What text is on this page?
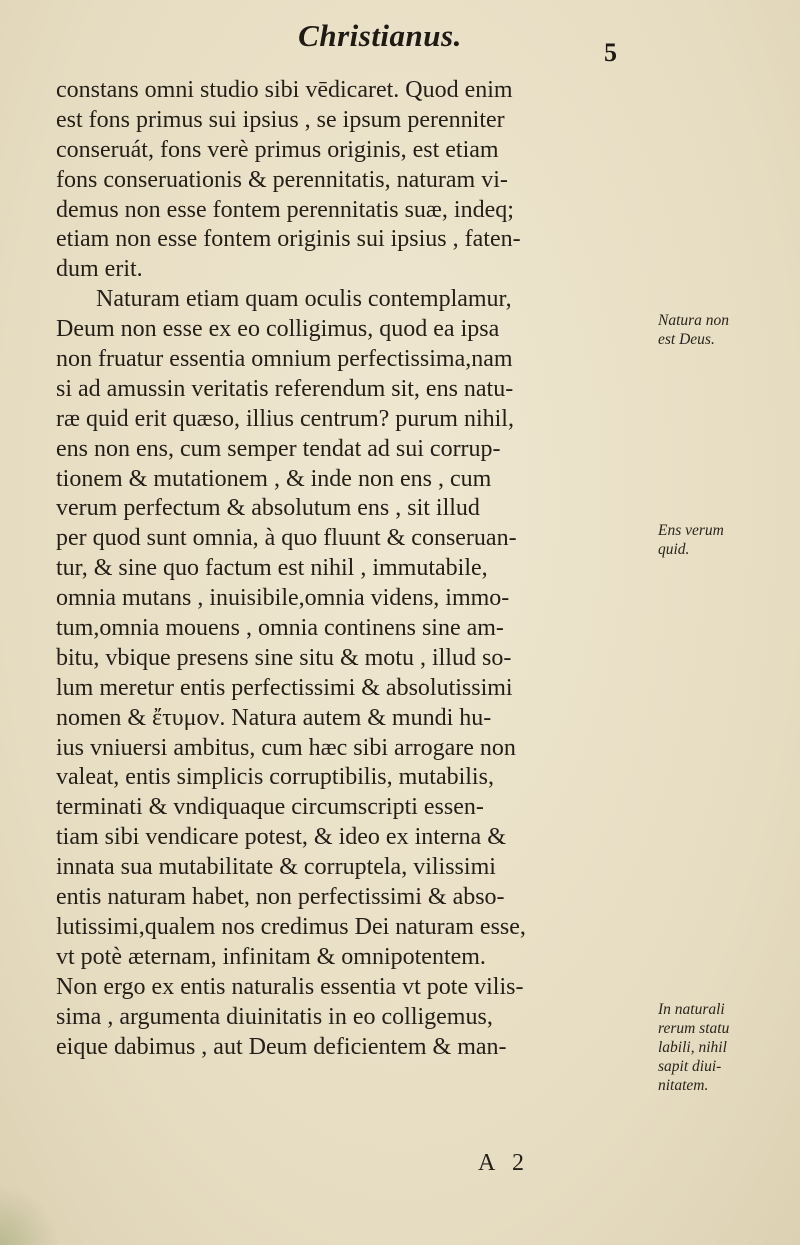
Christianus.	5
constans omni studio sibi vēdicaret. Quod enim
est fons primus sui ipsius , se ipsum perenniter
conseruát, fons verè primus originis, est etiam
fons conseruationis & perennitatis, naturam vi-
demus non esse fontem perennitatis suæ, indeq;
etiam non esse fontem originis sui ipsius , faten-
dum erit.
Naturam etiam quam oculis contemplamur,
Deum non esse ex eo colligimus, quod ea ipsa
non fruatur essentia omnium perfectissima,nam
si ad amussin veritatis referendum sit, ens natu-
ræ quid erit quæso, illius centrum? purum nihil,
ens non ens, cum semper tendat ad sui corrup-
tionem & mutationem , & inde non ens , cum
verum perfectum & absolutum ens , sit illud
per quod sunt omnia, à quo fluunt & conseruan-
tur, & sine quo factum est nihil , immutabile,
omnia mutans , inuisibile,omnia videns, immo-
tum,omnia mouens , omnia continens sine am-
bitu, vbique presens sine situ & motu , illud so-
lum meretur entis perfectissimi & absolutissimi
nomen & ἔτυμον. Natura autem & mundi hu-
ius vniuersi ambitus, cum hæc sibi arrogare non
valeat, entis simplicis corruptibilis, mutabilis,
terminati & vndiquaque circumscripti essen-
tiam sibi vendicare potest, & ideo ex interna &
innata sua mutabilitate & corruptela, vilissimi
entis naturam habet, non perfectissimi & abso-
lutissimi,qualem nos credimus Dei naturam esse,
vt potè æternam, infinitam & omnipotentem.
Non ergo ex entis naturalis essentia vt pote vilis-
sima , argumenta diuinitatis in eo colligemus,
eique dabimus , aut Deum deficientem & man-
Natura non
est Deus.
Ens verum
quid.
In naturali
rerum statu
labili, nihil
sapit diui-
nitatem.
A 2
